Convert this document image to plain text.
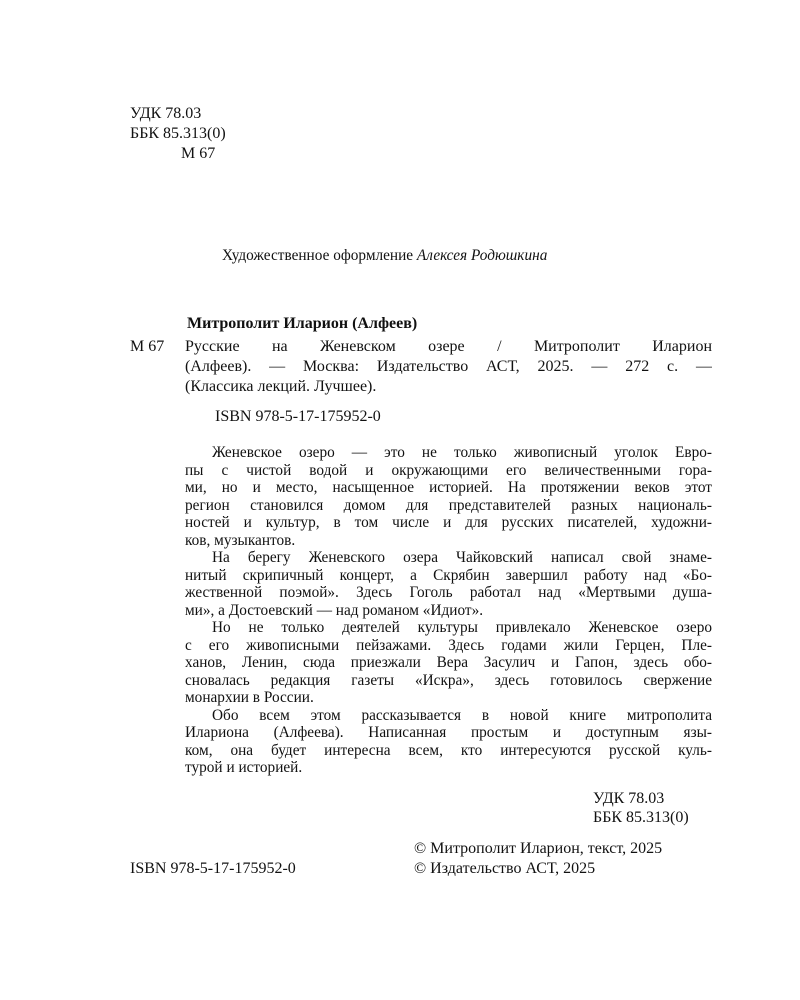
УДК 78.03
ББК 85.313(0)
М 67
Художественное оформление Алексея Родюшкина
Митрополит Иларион (Алфеев)
М 67 Русские на Женевском озере / Митрополит Иларион
(Алфеев). — Москва: Издательство АСТ, 2025. — 272 с. —
(Классика лекций. Лучшее).
ISBN 978-5-17-175952-0
Женевское озеро — это не только живописный уголок Евро-
пы с чистой водой и окружающими его величественными гора-
ми, но и место, насыщенное историей. На протяжении веков этот
регион становился домом для представителей разных националь-
ностей и культур, в том числе и для русских писателей, художни-
ков, музыкантов.
На берегу Женевского озера Чайковский написал свой знаме-
нитый скрипичный концерт, а Скрябин завершил работу над «Бо-
жественной поэмой». Здесь Гоголь работал над «Мертвыми душа-
ми», а Достоевский — над романом «Идиот».
Но не только деятелей культуры привлекало Женевское озеро
с его живописными пейзажами. Здесь годами жили Герцен, Пле-
ханов, Ленин, сюда приезжали Вера Засулич и Гапон, здесь обо-
сновалась редакция газеты «Искра», здесь готовилось свержение
монархии в России.
Обо всем этом рассказывается в новой книге митрополита
Илариона (Алфеева). Написанная простым и доступным язы-
ком, она будет интересна всем, кто интересуются русской куль-
турой и историей.
УДК 78.03
ББК 85.313(0)
ISBN 978-5-17-175952-0
© Митрополит Иларион, текст, 2025
© Издательство АСТ, 2025
